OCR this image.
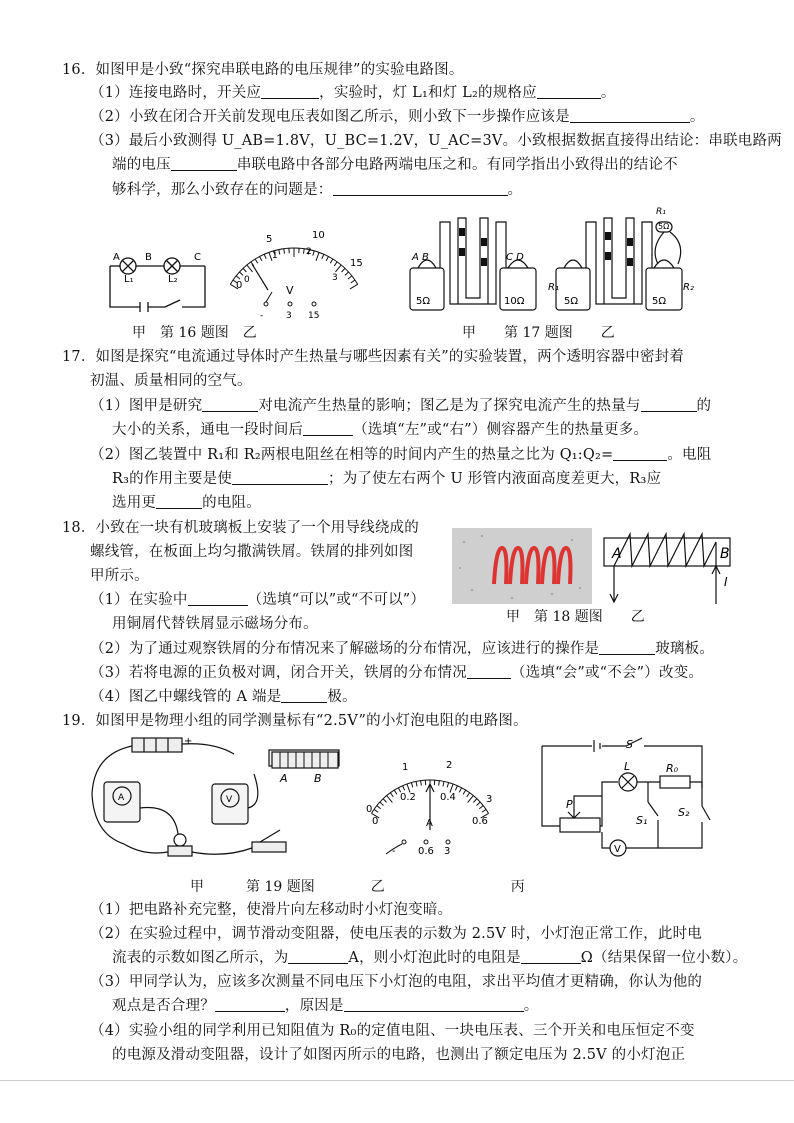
16．如图甲是小致“探究串联电路的电压规律”的实验电路图。
（1）连接电路时，开关应	，实验时，灯 L₁和灯 L₂的规格应	。
（2）小致在闭合开关前发现电压表如图乙所示，则小致下一步操作应该是	。
（3）最后小致测得 U_AB=1.8V，U_BC=1.2V，U_AC=3V。小致根据数据直接得出结论：串联电路两
端的电压	串联电路中各部分电路两端电压之和。有同学指出小致得出的结论不
够科学，那么小致存在的问题是：	。
A	B	C
L₁	L₂
0
5	10
15
0
1	2
3
V
-	3 15
甲　第 16 题图　乙
A B	C D
5Ω	10Ω	5Ω	5Ω
R₁	R₂
R₁
5Ω
甲　　第 17 题图　　乙
17．如图是探究“电流通过导体时产生热量与哪些因素有关”的实验装置，两个透明容器中密封着
初温、质量相同的空气。
（1）图甲是研究	对电流产生热量的影响；图乙是为了探究电流产生的热量与	的
大小的关系，通电一段时间后	（选填“左”或“右”）侧容器产生的热量更多。
（2）图乙装置中 R₁和 R₂两根电阻丝在相等的时间内产生的热量之比为 Q₁:Q₂=	。电阻
R₃的作用主要是使	；为了使左右两个 U 形管内液面高度差更大，R₃应
选用更	的电阻。
18．小致在一块有机玻璃板上安装了一个用导线绕成的
螺线管，在板面上均匀撒满铁屑。铁屑的排列如图
甲所示。
（1）在实验中	（选填“可以”或“不可以”）
用铜屑代替铁屑显示磁场分布。
（2）为了通过观察铁屑的分布情况来了解磁场的分布情况，应该进行的操作是	玻璃板。
（3）若将电源的正负极对调，闭合开关，铁屑的分布情况	（选填“会”或“不会”）改变。
（4）图乙中螺线管的 A 端是	极。
A	B
I
甲　第 18 题图　　乙
19．如图甲是物理小组的同学测量标有“2.5V”的小灯泡电阻的电路图。
+
A	V
A B
0
1	2
3
0
0.2 0.4
0.6
A
- 0.6 3
S
L	R₀
P
S₁
S₂
V
甲　　　第 19 题图　　　　乙　　　　　　　　　丙
（1）把电路补充完整，使滑片向左移动时小灯泡变暗。
（2）在实验过程中，调节滑动变阻器，使电压表的示数为 2.5V 时，小灯泡正常工作，此时电
流表的示数如图乙所示，为	A，则小灯泡此时的电阻是	Ω（结果保留一位小数）。
（3）甲同学认为，应该多次测量不同电压下小灯泡的电阻，求出平均值才更精确，你认为他的
观点是否合理？	，原因是	。
（4）实验小组的同学利用已知阻值为 R₀的定值电阻、一块电压表、三个开关和电压恒定不变
的电源及滑动变阻器，设计了如图丙所示的电路，也测出了额定电压为 2.5V 的小灯泡正
